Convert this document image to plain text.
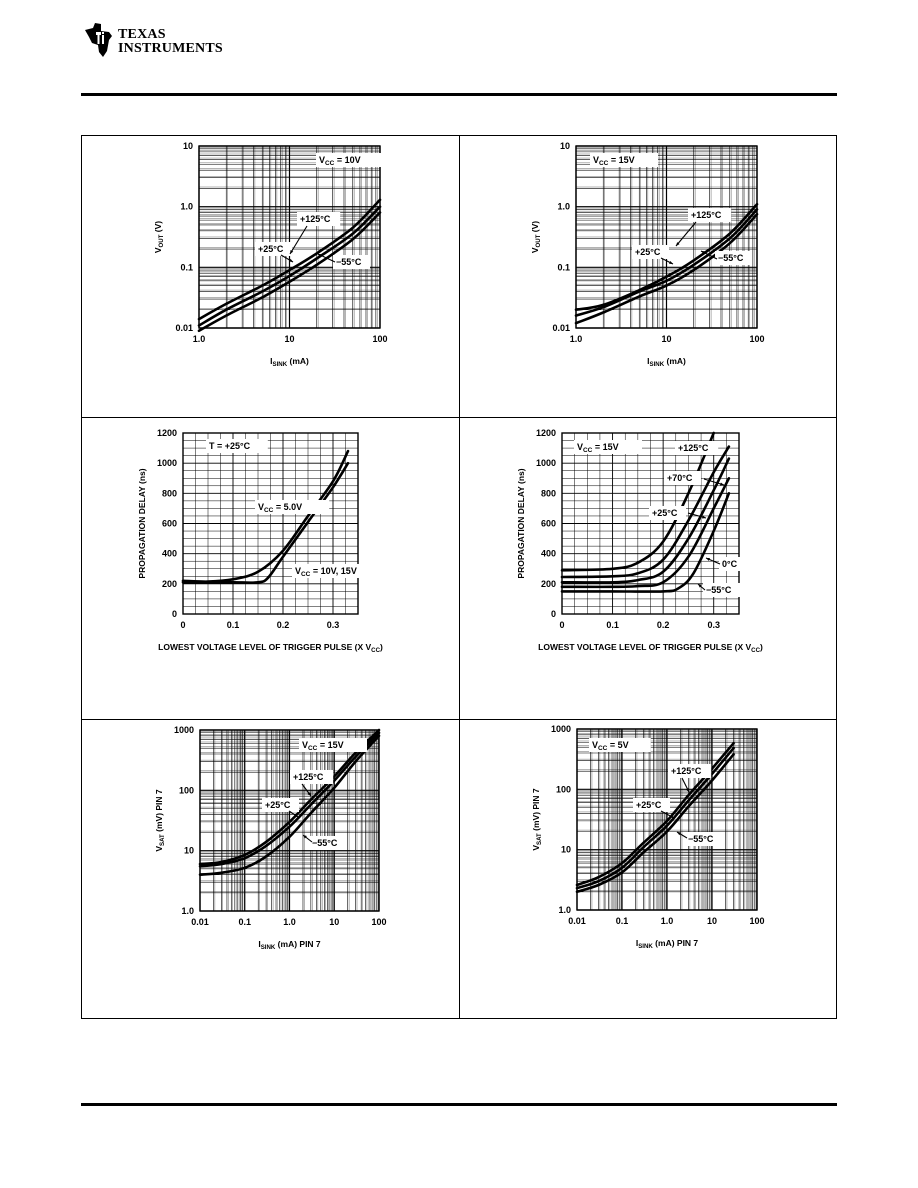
TEXAS
INSTRUMENTS
1.0	10	100
0.01
0.1
1.0
10
$I_{SINK}$ (mA)
$V_{OUT}$ (V)
$V_{CC} = 10V$
+125°C
+25°C
−55°C
1.0	10	100
0.01
0.1
1.0
10
$I_{SINK}$ (mA)
$V_{OUT}$ (V)
$V_{CC} = 15V$
+125°C
+25°C
−55°C
0	0.1	0.2	0.3
0
200
400
600
800
1000
1200
LOWEST VOLTAGE LEVEL OF TRIGGER PULSE (X $V_{CC}$)
PROPAGATION DELAY (ns)
T = +25°C
$V_{CC} = 5.0V$
$V_{CC} = 10V$, 15V
0	0.1	0.2	0.3
0
200
400
600
800
1000
1200
LOWEST VOLTAGE LEVEL OF TRIGGER PULSE (X $V_{CC}$)
PROPAGATION DELAY (ns)
$V_{CC} = 15V$	+125°C
+70°C
+25°C
0°C
−55°C
0.01	0.1	1.0	10	100
1.0
10
100
1000
$I_{SINK}$ (mA) PIN 7
$V_{SAT}$ (mV) PIN 7
$V_{CC} = 15V$
+125°C
+25°C
−55°C
0.01	0.1	1.0	10	100
1.0
10
100
1000
$I_{SINK}$ (mA) PIN 7
$V_{SAT}$ (mV) PIN 7
$V_{CC} = 5V$
+125°C
+25°C
−55°C
